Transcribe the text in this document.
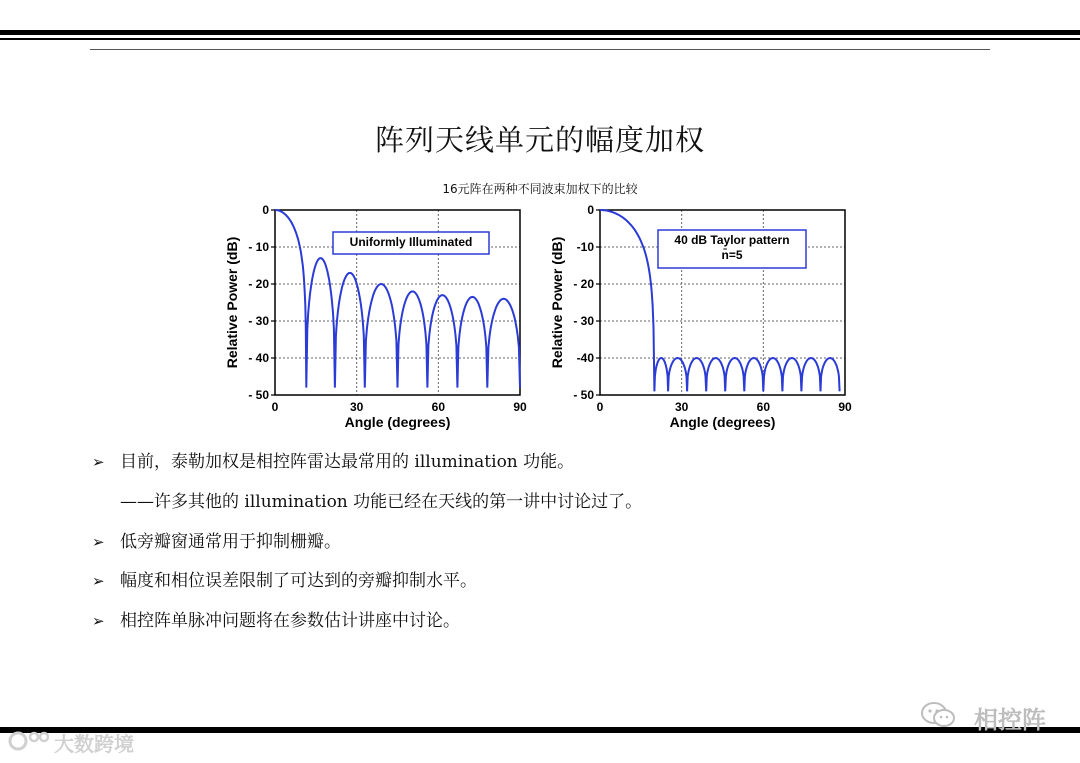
阵列天线单元的幅度加权
16元阵在两种不同波束加权下的比较
0
- 10
- 20
- 30
- 40
- 50
0	30	60	90
Angle (degrees)
Relative Power (dB)	Uniformly Illuminated
0
-10
- 20
- 30
-40
- 50
0	30	60	90
Angle (degrees)
Relative Power (dB)	40 dB Taylor pattern
n̄=5
➢ 目前，泰勒加权是相控阵雷达最常用的 illumination 功能。
——许多其他的 illumination 功能已经在天线的第一讲中讨论过了。
➢ 低旁瓣窗通常用于抑制栅瓣。
➢ 幅度和相位误差限制了可达到的旁瓣抑制水平。
➢ 相控阵单脉冲问题将在参数估计讲座中讨论。
相控阵
大数跨境
